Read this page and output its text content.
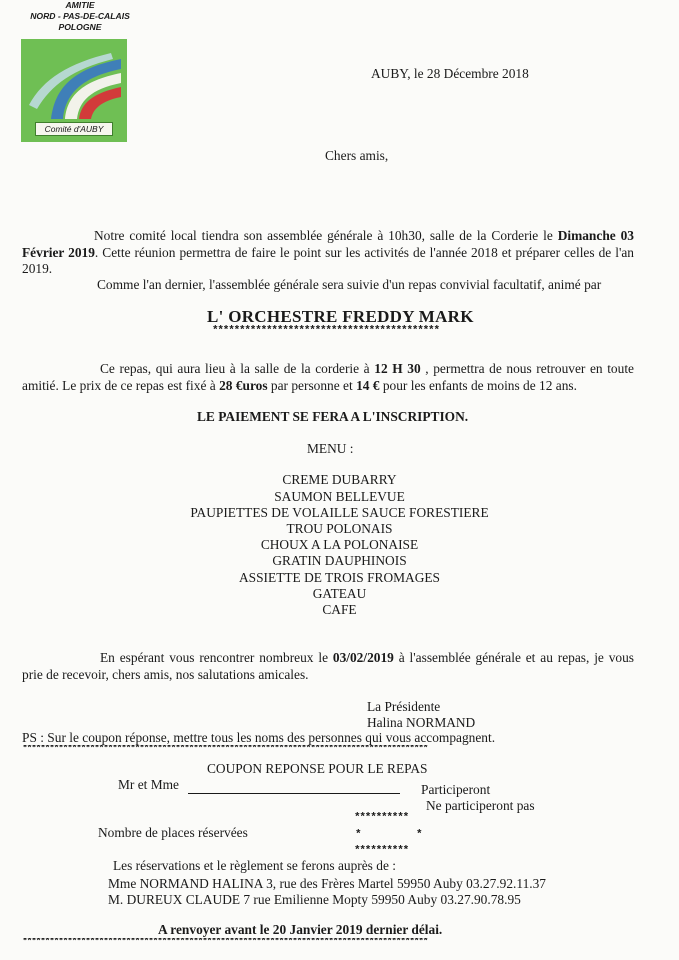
AMITIE
NORD - PAS-DE-CALAIS
POLOGNE
Comité d'AUBY
AUBY, le 28 Décembre 2018
Chers amis,

Notre comité local tiendra son assemblée générale à 10h30, salle de la Corderie le Dimanche 03 Février 2019. Cette réunion permettra de faire le point sur les activités de l'année 2018 et préparer celles de l'an 2019.

Comme l'an dernier, l'assemblée générale sera suivie d'un repas convivial facultatif, animé par
L' ORCHESTRE FREDDY MARK
******************************************

Ce repas, qui aura lieu à la salle de la corderie à 12 H 30 , permettra de nous retrouver en toute amitié. Le prix de ce repas est fixé à 28 €uros par personne et 14 € pour les enfants de moins de 12 ans.

LE PAIEMENT SE FERA A L'INSCRIPTION.
MENU :
CREME DUBARRY
SAUMON BELLEVUE
PAUPIETTES DE VOLAILLE SAUCE FORESTIERE
TROU POLONAIS
CHOUX A LA POLONAISE
GRATIN DAUPHINOIS
ASSIETTE DE TROIS FROMAGES
GATEAU
CAFE

En espérant vous rencontrer nombreux le 03/02/2019 à l'assemblée générale et au repas, je vous prie de recevoir, chers amis, nos salutations amicales.

La Présidente
Halina NORMAND
PS : Sur le coupon réponse, mettre tous les noms des personnes qui vous accompagnent.
******************************************************************************************
COUPON REPONSE POUR LE REPAS
Mr et Mme	Participeront
Ne participeront pas
**********
Nombre de places réservées	*	*
**********
Les réservations et le règlement se ferons auprès de :
Mme NORMAND HALINA 3, rue des Frères Martel 59950 Auby 03.27.92.11.37
M. DUREUX CLAUDE 7 rue Emilienne Mopty 59950 Auby 03.27.90.78.95
A renvoyer avant le 20 Janvier 2019 dernier délai.
******************************************************************************************
